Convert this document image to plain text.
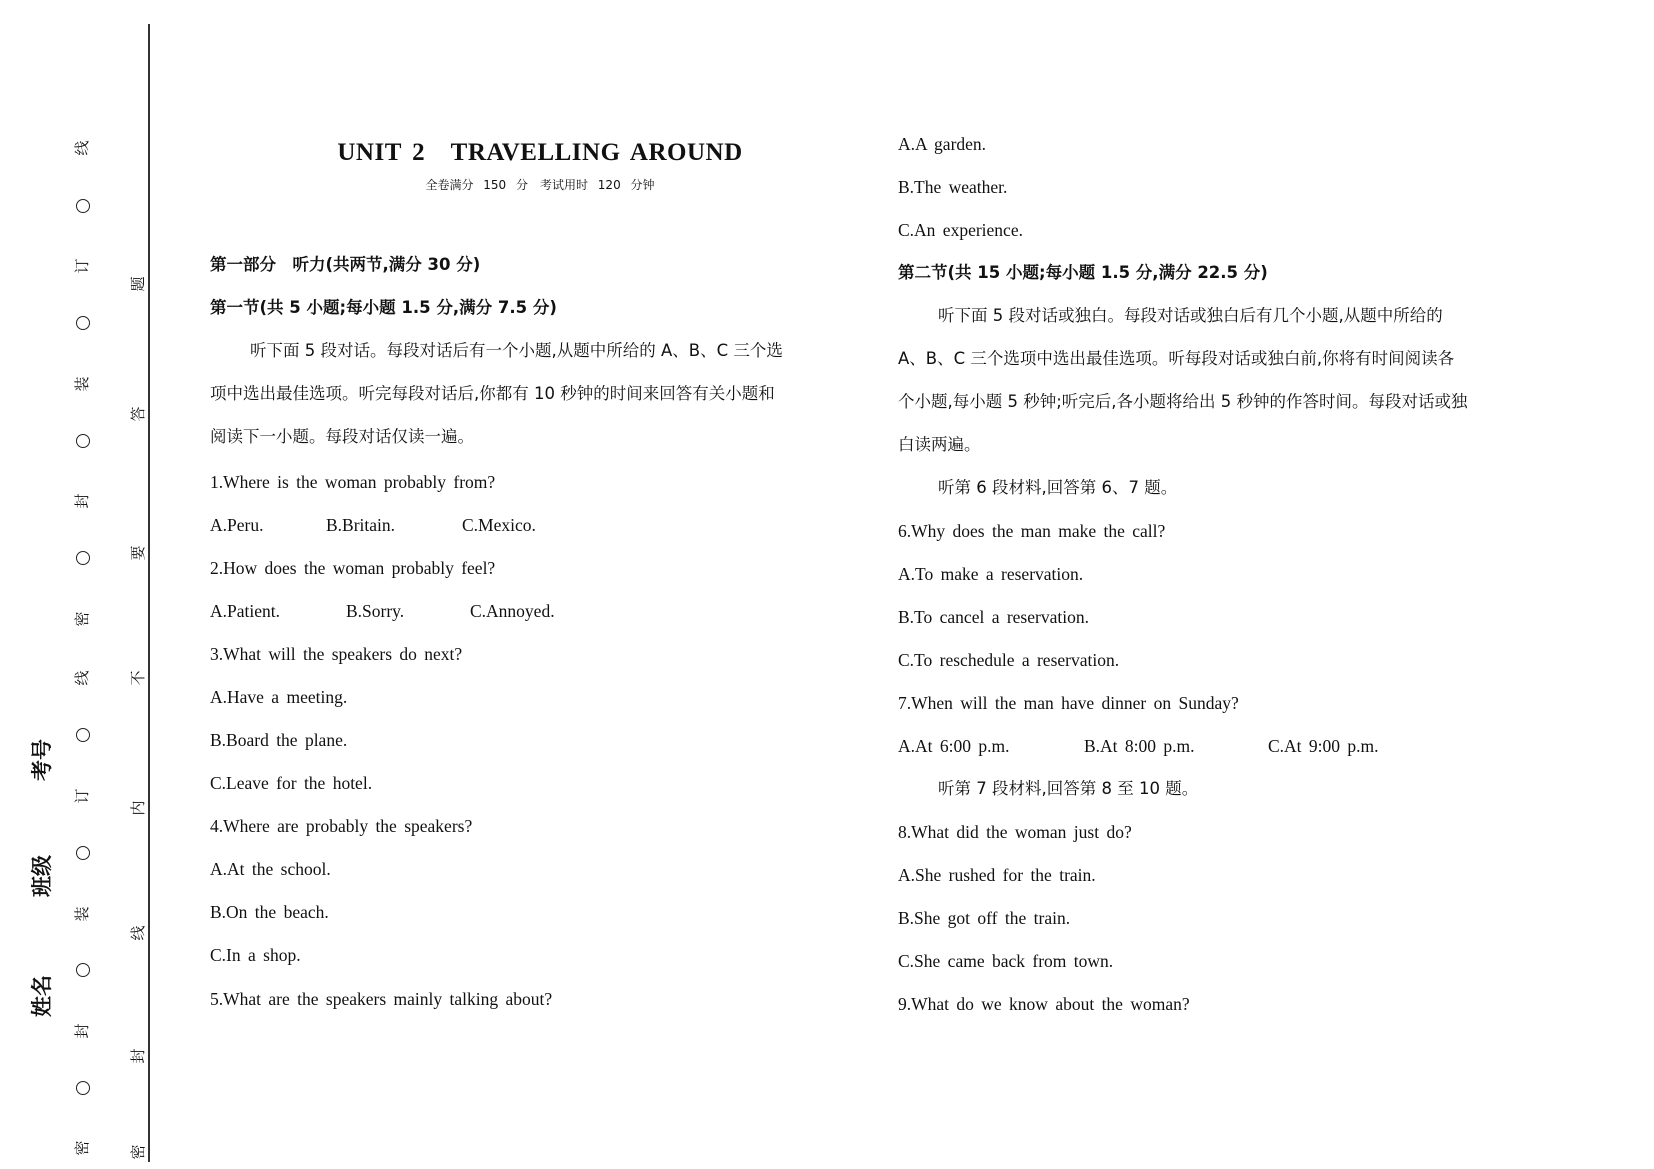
线
订
装
封
密
线
订
装
封
密
题
答
要
不
内
线
封
密
考号
班级
姓名
UNIT 2　TRAVELLING AROUND
全卷满分 150 分　考试用时 120 分钟
第一部分　听力(共两节,满分 30 分)
第一节(共 5 小题;每小题 1.5 分,满分 7.5 分)
听下面 5 段对话。每段对话后有一个小题,从题中所给的 A、B、C 三个选
项中选出最佳选项。听完每段对话后,你都有 10 秒钟的时间来回答有关小题和
阅读下一小题。每段对话仅读一遍。
1.Where is the woman probably from?
A.Peru.	B.Britain.	C.Mexico.
2.How does the woman probably feel?
A.Patient.	B.Sorry.	C.Annoyed.
3.What will the speakers do next?
A.Have a meeting.
B.Board the plane.
C.Leave for the hotel.
4.Where are probably the speakers?
A.At the school.
B.On the beach.
C.In a shop.
5.What are the speakers mainly talking about?
A.A garden.
B.The weather.
C.An experience.
第二节(共 15 小题;每小题 1.5 分,满分 22.5 分)
听下面 5 段对话或独白。每段对话或独白后有几个小题,从题中所给的
A、B、C 三个选项中选出最佳选项。听每段对话或独白前,你将有时间阅读各
个小题,每小题 5 秒钟;听完后,各小题将给出 5 秒钟的作答时间。每段对话或独
白读两遍。
听第 6 段材料,回答第 6、7 题。
6.Why does the man make the call?
A.To make a reservation.
B.To cancel a reservation.
C.To reschedule a reservation.
7.When will the man have dinner on Sunday?
A.At 6:00 p.m.	B.At 8:00 p.m.	C.At 9:00 p.m.
听第 7 段材料,回答第 8 至 10 题。
8.What did the woman just do?
A.She rushed for the train.
B.She got off the train.
C.She came back from town.
9.What do we know about the woman?
